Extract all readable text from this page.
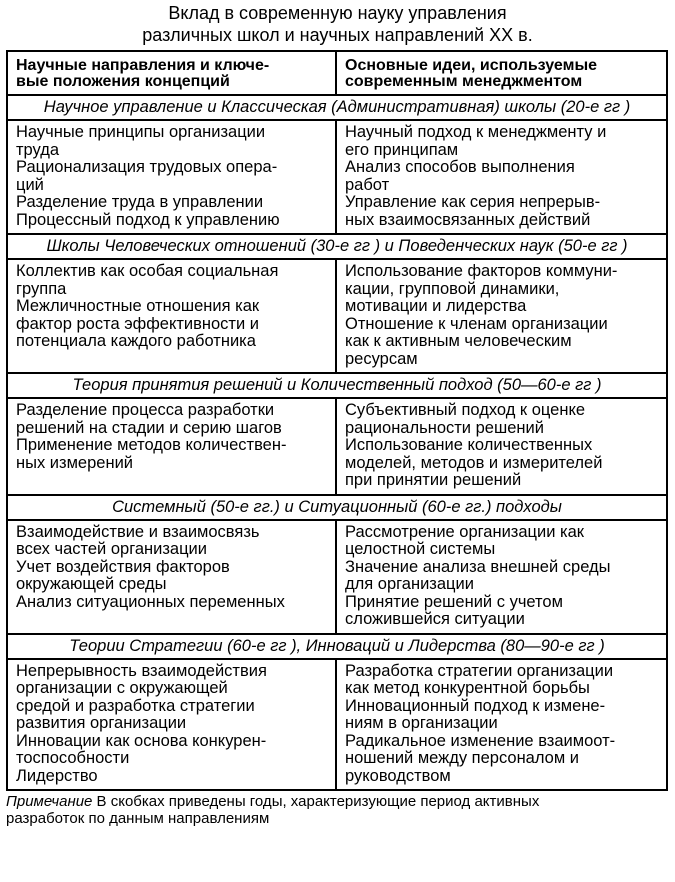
Вклад в современную науку управления
различных школ и научных направлений XX в.
Научные направления и ключе-
вые положения концепций
Основные идеи, используемые
современным менеджментом
Научное управление и Классическая (Административная) школы (20-е гг )
Научные принципы организации
труда
Рационализация трудовых опера-
ций
Разделение труда в управлении
Процессный подход к управлению
Научный подход к менеджменту и
его принципам
Анализ способов выполнения
работ
Управление как серия непрерыв-
ных взаимосвязанных действий
Школы Человеческих отношений (30-е гг ) и Поведенческих наук (50-е гг )
Коллектив как особая социальная
группа
Межличностные отношения как
фактор роста эффективности и
потенциала каждого работника
Использование факторов коммуни-
кации, групповой динамики,
мотивации и лидерства
Отношение к членам организации
как к активным человеческим
ресурсам
Теория принятия решений и Количественный подход (50—60-е гг )
Разделение процесса разработки
решений на стадии и серию шагов
Применение методов количествен-
ных измерений
Субъективный подход к оценке
рациональности решений
Использование количественных
моделей, методов и измерителей
при принятии решений
Системный (50-е гг.) и Ситуационный (60-е гг.) подходы
Взаимодействие и взаимосвязь
всех частей организации
Учет воздействия факторов
окружающей среды
Анализ ситуационных переменных
Рассмотрение организации как
целостной системы
Значение анализа внешней среды
для организации
Принятие решений с учетом
сложившейся ситуации
Теории Стратегии (60-е гг ), Инноваций и Лидерства (80—90-е гг )
Непрерывность взаимодействия
организации с окружающей
средой и разработка стратегии
развития организации
Инновации как основа конкурен-
тоспособности
Лидерство
Разработка стратегии организации
как метод конкурентной борьбы
Инновационный подход к измене-
ниям в организации
Радикальное изменение взаимоот-
ношений между персоналом и
руководством
Примечание В скобках приведены годы, характеризующие период активных
разработок по данным направлениям
